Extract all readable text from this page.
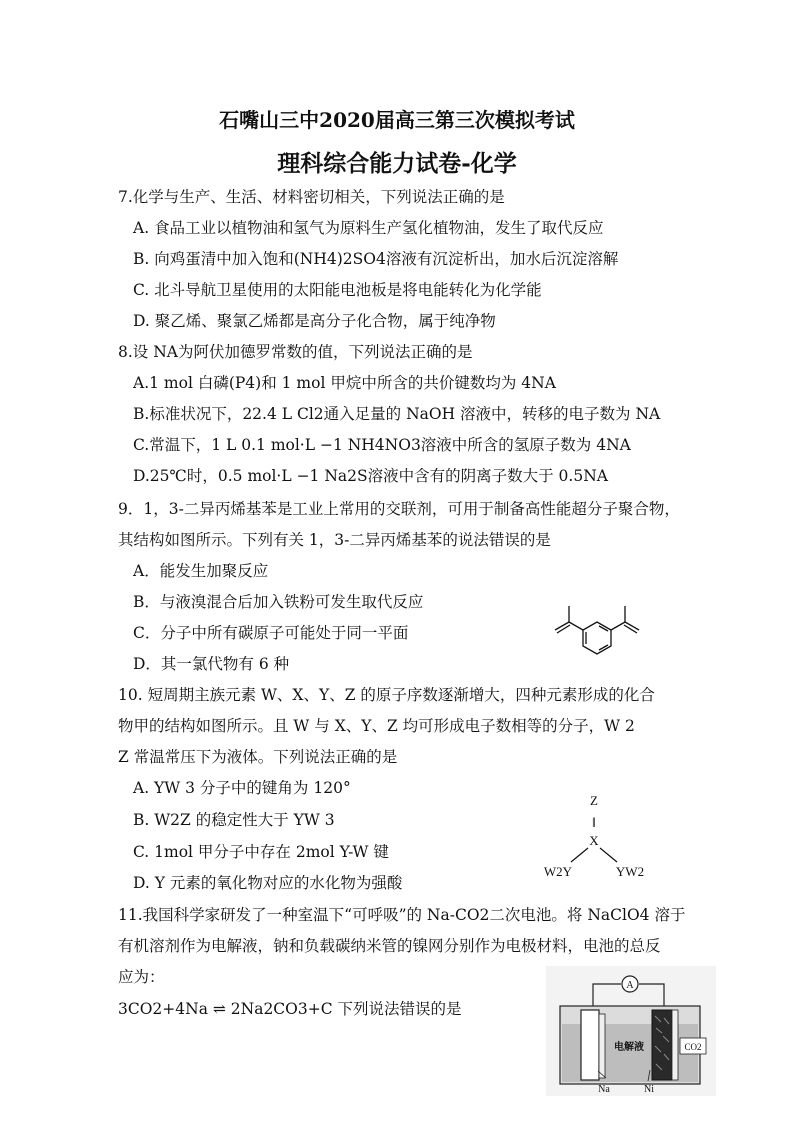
石嘴山三中2020届高三第三次模拟考试
理科综合能力试卷-化学
7.化学与生产、生活、材料密切相关，下列说法正确的是
A. 食品工业以植物油和氢气为原料生产氢化植物油，发生了取代反应
B. 向鸡蛋清中加入饱和(NH4)2SO4溶液有沉淀析出，加水后沉淀溶解
C. 北斗导航卫星使用的太阳能电池板是将电能转化为化学能
D. 聚乙烯、聚氯乙烯都是高分子化合物，属于纯净物
8.设 NA为阿伏加德罗常数的值，下列说法正确的是
A.1 mol 白磷(P4)和 1 mol 甲烷中所含的共价键数均为 4NA
B.标准状况下，22.4 L Cl2通入足量的 NaOH 溶液中，转移的电子数为 NA
C.常温下，1 L 0.1 mol·L −1 NH4NO3溶液中所含的氢原子数为 4NA
D.25℃时，0.5 mol·L −1 Na2S溶液中含有的阴离子数大于 0.5NA
9．1，3-二异丙烯基苯是工业上常用的交联剂，可用于制备高性能超分子聚合物，
其结构如图所示。下列有关 1，3-二异丙烯基苯的说法错误的是
A．能发生加聚反应
B．与液溴混合后加入铁粉可发生取代反应
C．分子中所有碳原子可能处于同一平面
D．其一氯代物有 6 种
10. 短周期主族元素 W、X、Y、Z 的原子序数逐渐增大，四种元素形成的化合
物甲的结构如图所示。且 W 与 X、Y、Z 均可形成电子数相等的分子，W 2
Z 常温常压下为液体。下列说法正确的是
A. YW 3 分子中的键角为 120°
B. W2Z 的稳定性大于 YW 3
C. 1mol 甲分子中存在 2mol Y-W 键
D. Y 元素的氧化物对应的水化物为强酸
Z
‖
X
W2Y	YW2
11.我国科学家研发了一种室温下“可呼吸”的 Na-CO2二次电池。将 NaClO4 溶于
有机溶剂作为电解液，钠和负载碳纳米管的镍网分别作为电极材料，电池的总反
应为：
3CO2+4Na ⇌ 2Na2CO3+C 下列说法错误的是
A
电解液	CO2
Na	Ni
